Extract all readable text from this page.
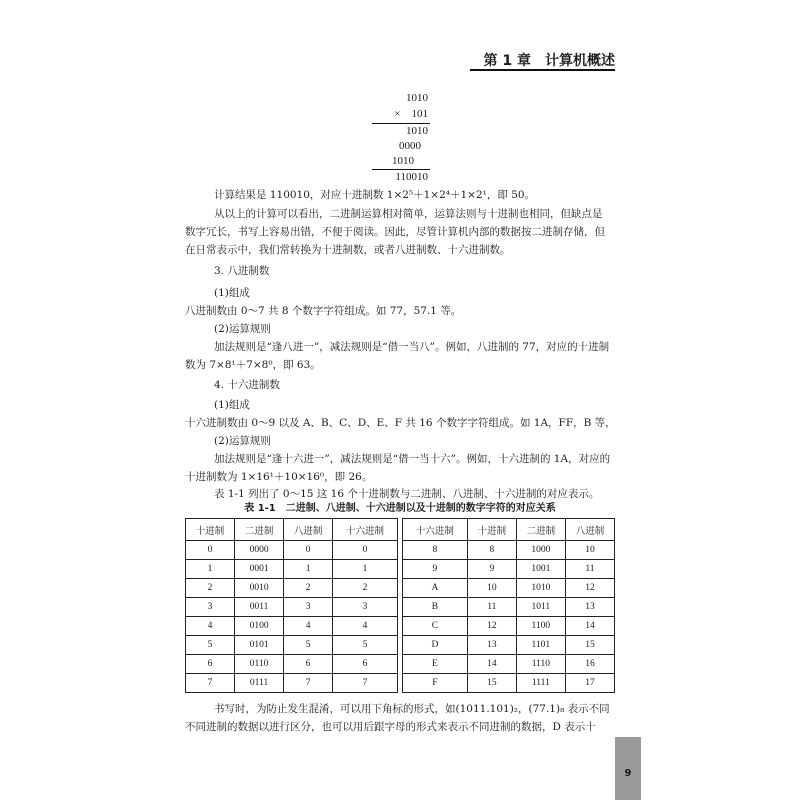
第 1 章　计算机概述
1010
×　101
1010
0000
1010
110010
计算结果是 110010，对应十进制数 1×2⁵＋1×2⁴＋1×2¹，即 50。
从以上的计算可以看出，二进制运算相对简单，运算法则与十进制也相同，但缺点是
数字冗长，书写上容易出错，不便于阅读。因此，尽管计算机内部的数据按二进制存储，但
在日常表示中，我们常转换为十进制数，或者八进制数、十六进制数。
3. 八进制数
(1)组成
八进制数由 0～7 共 8 个数字字符组成。如 77，57.1 等。
(2)运算规则
加法规则是“逢八进一”，减法规则是“借一当八”。例如，八进制的 77，对应的十进制
数为 7×8¹＋7×8⁰，即 63。
4. 十六进制数
(1)组成
十六进制数由 0～9 以及 A、B、C、D、E、F 共 16 个数字字符组成。如 1A，FF，B 等，
(2)运算规则
加法规则是“逢十六进一”，减法规则是“借一当十六”。例如，十六进制的 1A，对应的
十进制数为 1×16¹＋10×16⁰，即 26。
表 1-1 列出了 0～15 这 16 个十进制数与二进制、八进制、十六进制的对应表示。
表 1-1　二进制、八进制、十六进制以及十进制的数字字符的对应关系
十进制	二进制	八进制	十六进制		十六进制	十进制	二进制	八进制
0	0000	0	0		8	8	1000	10
1	0001	1	1		9	9	1001	11
2	0010	2	2		A	10	1010	12
3	0011	3	3		B	11	1011	13
4	0100	4	4		C	12	1100	14
5	0101	5	5		D	13	1101	15
6	0110	6	6		E	14	1110	16
7	0111	7	7		F	15	1111	17
书写时，为防止发生混淆，可以用下角标的形式，如(1011.101)₂，(77.1)₈ 表示不同
不同进制的数据以进行区分，也可以用后跟字母的形式来表示不同进制的数据，D 表示十
9
